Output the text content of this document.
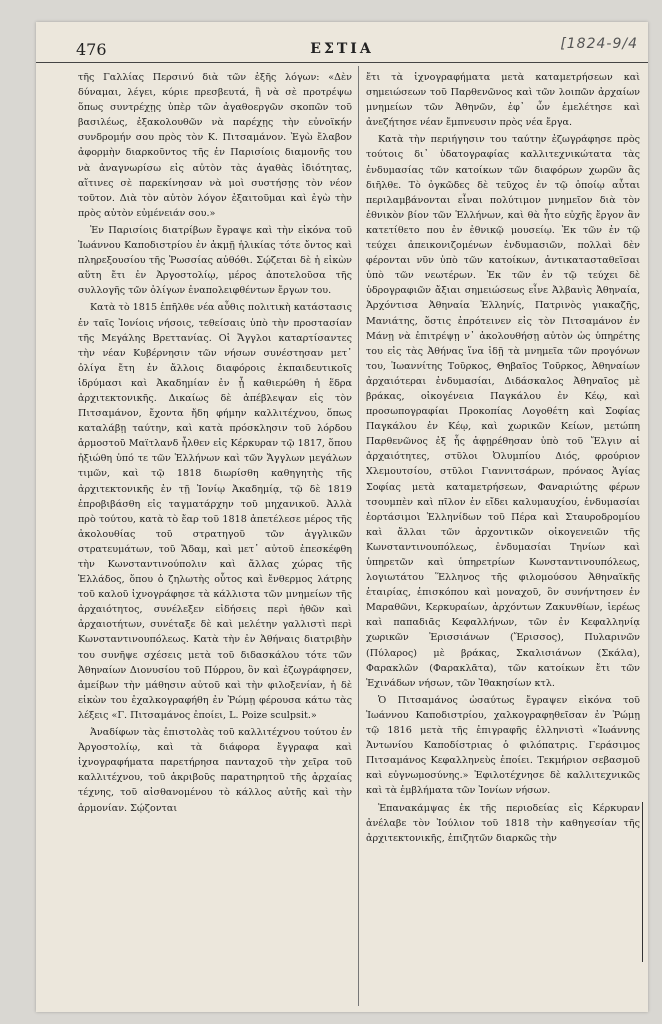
476	ΕΣΤΙΑ	[1824-9/4

τῆς Γαλλίας Περσινύ διὰ τῶν ἑξῆς λόγων: «Δὲν δύναμαι, λέγει, κύριε πρεσβευτά, ἢ νὰ σὲ προτρέψω ὅπως συντρέχῃς ὑπὲρ τῶν ἀγαθοεργῶν σκοπῶν τοῦ βασιλέως, ἐξακολουθῶν νὰ παρέχῃς τὴν εὐνοϊκήν συνδρομήν σου πρὸς τὸν Κ. Πιτσαμάνον. Ἐγὼ ἔλαβον ἀφορμὴν διαρκοῦντος τῆς ἐν Παρισίοις διαμονῆς του νὰ ἀναγνωρίσω εἰς αὐτὸν τὰς ἀγαθὰς ἰδιότητας, αἵτινες σὲ παρεκίνησαν νὰ μοὶ συστήσῃς τὸν νέον τοῦτον. Διὰ τὸν αὐτὸν λόγον ἐξαιτοῦμαι καὶ ἐγὼ τὴν πρὸς αὐτὸν εὐμένειάν σου.»

Ἐν Παρισίοις διατρίβων ἔγραψε καὶ τὴν εἰκόνα τοῦ Ἰωάννου Καποδιστρίου ἐν ἀκμῇ ἡλικίας τότε ὄντος καὶ πληρεξουσίου τῆς Ῥωσσίας αὐθόθι. Σῴζεται δὲ ἡ εἰκὼν αὕτη ἔτι ἐν Ἀργοστολίῳ, μέρος ἀποτελοῦσα τῆς συλλογῆς τῶν ὀλίγων ἐναπολειφθέντων ἔργων του.

Κατὰ τὸ 1815 ἐπῆλθε νέα αὖθις πολιτικὴ κατάστασις ἐν ταῖς Ἰονίοις νήσοις, τεθείσαις ὑπὸ τὴν προστασίαν τῆς Μεγάλης Βρεττανίας. Οἱ Ἄγγλοι καταρτίσαντες τὴν νέαν Κυβέρνησιν τῶν νήσων συνέστησαν μετ᾿ ὀλίγα ἔτη ἐν ἄλλοις διαφόροις ἐκπαιδευτικοῖς ἱδρύμασι καὶ Ἀκαδημίαν ἐν ᾗ καθιερώθη ἡ ἕδρα ἀρχιτεκτονικῆς. Δικαίως δὲ ἀπέβλεψαν εἰς τὸν Πιτσαμάνον, ἔχοντα ἤδη φήμην καλλιτέχνου, ὅπως καταλάβῃ ταύτην, καὶ κατὰ πρόσκλησιν τοῦ λόρδου ἁρμοστοῦ Μαϊτλανδ ἦλθεν εἰς Κέρκυραν τῷ 1817, ὅπου ἠξιώθη ὑπό τε τῶν Ἑλλήνων καὶ τῶν Ἄγγλων μεγάλων τιμῶν, καὶ τῷ 1818 διωρίσθη καθηγητὴς τῆς ἀρχιτεκτονικῆς ἐν τῇ Ἰονίῳ Ἀκαδημίᾳ, τῷ δὲ 1819 ἐπροβιβάσθη εἰς ταγματάρχην τοῦ μηχανικοῦ. Ἀλλὰ πρὸ τούτου, κατὰ τὸ ἔαρ τοῦ 1818 ἀπετέλεσε μέρος τῆς ἀκολουθίας τοῦ στρατηγοῦ τῶν ἀγγλικῶν στρατευμάτων, τοῦ Ἄδαμ, καὶ μετ᾿ αὐτοῦ ἐπεσκέφθη τὴν Κωνσταντινούπολιν καὶ ἄλλας χώρας τῆς Ἑλλάδος, ὅπου ὁ ζηλωτὴς οὗτος καὶ ἔνθερμος λάτρης τοῦ καλοῦ ἰχνογράφησε τὰ κάλλιστα τῶν μνημείων τῆς ἀρχαιότητος, συνέλεξεν εἰδήσεις περὶ ἠθῶν καὶ ἀρχαιοτήτων, συνέταξε δὲ καὶ μελέτην γαλλιστὶ περὶ Κωνσταντινουπόλεως. Κατὰ τὴν ἐν Ἀθήναις διατριβὴν του συνῆψε σχέσεις μετὰ τοῦ διδασκάλου τότε τῶν Ἀθηναίων Διονυσίου τοῦ Πύρρου, ὃν καὶ ἐζωγράφησεν, ἀμείβων τὴν μάθησιν αὐτοῦ καὶ τὴν φιλοξενίαν, ἡ δὲ εἰκὼν του ἐχαλκογραφήθη ἐν Ῥώμῃ φέρουσα κάτω τὰς λέξεις «Γ. Πιτσαμάνος ἐποίει, L. Poize sculpsit.»

Ἀναδίφων τὰς ἐπιστολὰς τοῦ καλλιτέχνου τούτου ἐν Ἀργοστολίῳ, καὶ τὰ διάφορα ἔγγραφα καὶ ἰχνογραφήματα παρετήρησα πανταχοῦ τὴν χεῖρα τοῦ καλλιτέχνου, τοῦ ἀκριβοῦς παρατηρητοῦ τῆς ἀρχαίας τέχνης, τοῦ αἰσθανομένου τὸ κάλλος αὐτῆς καὶ τὴν ἁρμονίαν. Σῴζονται

ἔτι τὰ ἰχνογραφήματα μετὰ καταμετρήσεων καὶ σημειώσεων τοῦ Παρθενῶνος καὶ τῶν λοιπῶν ἀρχαίων μνημείων τῶν Ἀθηνῶν, ἐφ᾿ ὧν ἐμελέτησε καὶ ἀνεζήτησε νέαν ἔμπνευσιν πρὸς νέα ἔργα.

Κατὰ τὴν περιήγησιν του ταύτην ἐζωγράφησε πρὸς τούτοις δι᾿ ὑδατογραφίας καλλιτεχνικώτατα τὰς ἐνδυμασίας τῶν κατοίκων τῶν διαφόρων χωρῶν ἃς διῆλθε. Τὸ ὀγκῶδες δὲ τεῦχος ἐν τῷ ὁποίῳ αὗται περιλαμβάνονται εἶναι πολύτιμον μνημεῖον διὰ τὸν ἐθνικὸν βίον τῶν Ἑλλήνων, καὶ θὰ ἦτο εὐχῆς ἔργον ἂν κατετίθετο που ἐν ἐθνικῷ μουσείῳ. Ἐκ τῶν ἐν τῷ τεύχει ἀπεικονιζομένων ἐνδυμασιῶν, πολλαὶ δὲν φέρονται νῦν ὑπὸ τῶν κατοίκων, ἀντικατασταθεῖσαι ὑπὸ τῶν νεωτέρων. Ἐκ τῶν ἐν τῷ τεύχει δὲ ὑδρογραφιῶν ἄξιαι σημειώσεως εἶνε Ἀλβανὶς Ἀθηναία, Ἀρχόντισα Ἀθηναία Ἑλληνίς, Πατρινὸς γιακαζῆς, Μανιάτης, ὅστις ἐπρότεινεν εἰς τὸν Πιτσαμάνον ἐν Μάνῃ νὰ ἐπιτρέψῃ ν᾿ ἀκολουθήσῃ αὐτὸν ὡς ὑπηρέτης του εἰς τὰς Ἀθήνας ἵνα ἰδῇ τὰ μνημεῖα τῶν προγόνων του, Ἰωαννίτης Τοῦρκος, Θηβαῖος Τοῦρκος, Ἀθηναίων ἀρχαιότεραι ἐνδυμασίαι, Διδάσκαλος Ἀθηναῖος μὲ βράκας, οἰκογένεια Παγκάλου ἐν Κέῳ, καὶ προσωπογραφίαι Προκοπίας Λογοθέτη καὶ Σοφίας Παγκάλου ἐν Κέῳ, καὶ χωρικῶν Κείων, μετώπη Παρθενῶνος ἐξ ἧς ἀφῃρέθησαν ὑπὸ τοῦ Ἔλγιν αἱ ἀρχαιότητες, στῦλοι Ὀλυμπίου Διός, φρούριον Χλεμουτσίου, στῦλοι Γιαννιτσάρων, πρόναος Ἁγίας Σοφίας μετὰ καταμετρήσεων, Φαναριώτης φέρων τσουμπὲν καὶ πῖλον ἐν εἴδει καλυμαυχίου, ἐνδυμασίαι ἑορτάσιμοι Ἑλληνίδων τοῦ Πέρα καὶ Σταυροδρομίου καὶ ἄλλαι τῶν ἀρχοντικῶν οἰκογενειῶν τῆς Κωνσταντινουπόλεως, ἐνδυμασίαι Τηνίων καὶ ὑπηρετῶν καὶ ὑπηρετρίων Κωνσταντινουπόλεως, λογιωτάτου Ἕλληνος τῆς φιλομούσου Ἀθηναϊκῆς ἑταιρίας, ἐπισκόπου καὶ μοναχοῦ, ὃν συνήντησεν ἐν Μαραθῶνι, Κερκυραίων, ἀρχόντων Ζακυνθίων, ἱερέως καὶ παπαδιᾶς Κεφαλλήνων, τῶν ἐν Κεφαλληνίᾳ χωρικῶν Ἐρισσιάνων (Ἔρισσος), Πυλαρινῶν (Πύλαρος) μὲ βράκας, Σκαλισιάνων (Σκάλα), Φαρακλῶν (Φαρακλᾶτα), τῶν κατοίκων ἔτι τῶν Ἐχινάδων νήσων, τῶν Ἰθακησίων κτλ.

Ὁ Πιτσαμάνος ὡσαύτως ἔγραψεν εἰκόνα τοῦ Ἰωάννου Καποδιστρίου, χαλκογραφηθεῖσαν ἐν Ῥώμῃ τῷ 1816 μετὰ τῆς ἐπιγραφῆς ἑλληνιστὶ «Ἰωάννης Ἀντωνίου Καποδίστριας ὁ φιλόπατρις. Γεράσιμος Πιτσαμάνος Κεφαλληνεὺς ἐποίει. Τεκμήριον σεβασμοῦ καὶ εὐγνωμοσύνης.» Ἐφιλοτέχνησε δὲ καλλιτεχνικῶς καὶ τὰ ἐμβλήματα τῶν Ἰονίων νήσων.

Ἐπανακάμψας ἐκ τῆς περιοδείας εἰς Κέρκυραν ἀνέλαβε τὸν Ἰούλιον τοῦ 1818 τὴν καθηγεσίαν τῆς ἀρχιτεκτονικῆς, ἐπιζητῶν διαρκῶς τὴν
